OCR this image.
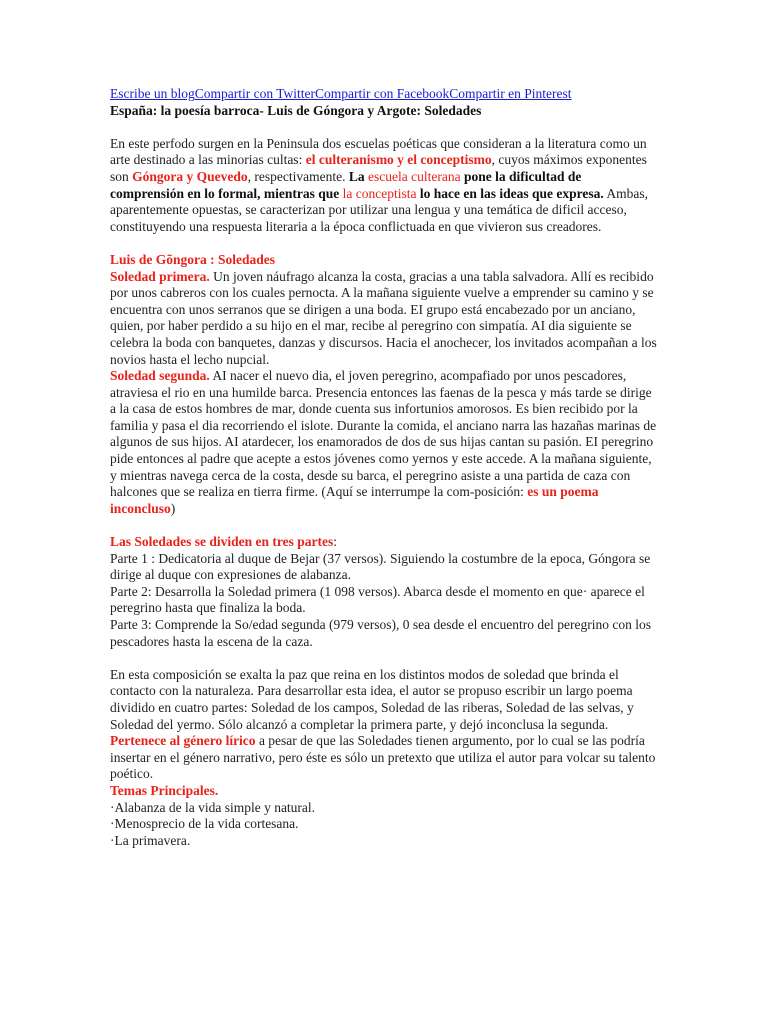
Escribe un blogCompartir con TwitterCompartir con FacebookCompartir en Pinterest

España: la poesía barroca- Luis de Góngora y Argote: Soledades

En este perfodo surgen en la Peninsula dos escuelas poéticas que consideran a la literatura como un arte destinado a las minorias cultas: el culteranismo y el conceptismo, cuyos máximos exponentes son Góngora y Quevedo, respectivamente. La escuela culterana pone la dificultad de comprensión en lo formal, mientras que la conceptista lo hace en las ideas que expresa. Ambas, aparentemente opuestas, se caracterizan por utilizar una lengua y una temática de dificil acceso, constituyendo una respuesta literaria a la época conflictuada en que vivieron sus creadores.

Luis de Gõngora : Soledades

Soledad primera. Un joven náufrago alcanza la costa, gracias a una tabla salvadora. Allí es recibido por unos cabreros con los cuales pernocta. A la mañana siguiente vuelve a emprender su camino y se encuentra con unos serranos que se dirigen a una boda. EI grupo está encabezado por un anciano, quien, por haber perdido a su hijo en el mar, recibe al peregrino con simpatía. AI dia siguiente se celebra la boda con banquetes, danzas y discursos. Hacia el anochecer, los invitados acompañan a los novios hasta el lecho nupcial.

Soledad segunda. AI nacer el nuevo dia, el joven peregrino, acompafiado por unos pescadores, atraviesa el rio en una humilde barca. Presencia entonces las faenas de la pesca y más tarde se dirige a la casa de estos hombres de mar, donde cuenta sus infortunios amorosos. Es bien recibido por la familia y pasa el dia recorriendo el islote. Durante la comida, el anciano narra las hazañas marinas de algunos de sus hijos. AI atardecer, los enamorados de dos de sus hijas cantan su pasión. EI peregrino pide entonces al padre que acepte a estos jóvenes como yernos y este accede. A la mañana siguiente, y mientras navega cerca de la costa, desde su barca, el peregrino asiste a una partida de caza con halcones que se realiza en tierra firme. (Aquí se interrumpe la com-posición: es un poema inconcluso)

Las Soledades se dividen en tres partes:

Parte 1 : Dedicatoria al duque de Bejar (37 versos). Siguiendo la costumbre de la epoca, Góngora se dirige al duque con expresiones de alabanza.

Parte 2: Desarrolla la Soledad primera (1 098 versos). Abarca desde el momento en que· aparece el peregrino hasta que finaliza la boda.

Parte 3: Comprende la So/edad segunda (979 versos), 0 sea desde el encuentro del peregrino con los pescadores hasta la escena de la caza.

En esta composición se exalta la paz que reina en los distintos modos de soledad que brinda el contacto con la naturaleza. Para desarrollar esta idea, el autor se propuso escribir un largo poema dividido en cuatro partes: Soledad de los campos, Soledad de las riberas, Soledad de las selvas, y Soledad del yermo. Sólo alcanzó a completar la primera parte, y dejó inconclusa la segunda.

Pertenece al género lírico a pesar de que las Soledades tienen argumento, por lo cual se las podría insertar en el género narrativo, pero éste es sólo un pretexto que utiliza el autor para volcar su talento poético.

Temas Principales.

·Alabanza de la vida simple y natural.

·Menosprecio de la vida cortesana.

·La primavera.
